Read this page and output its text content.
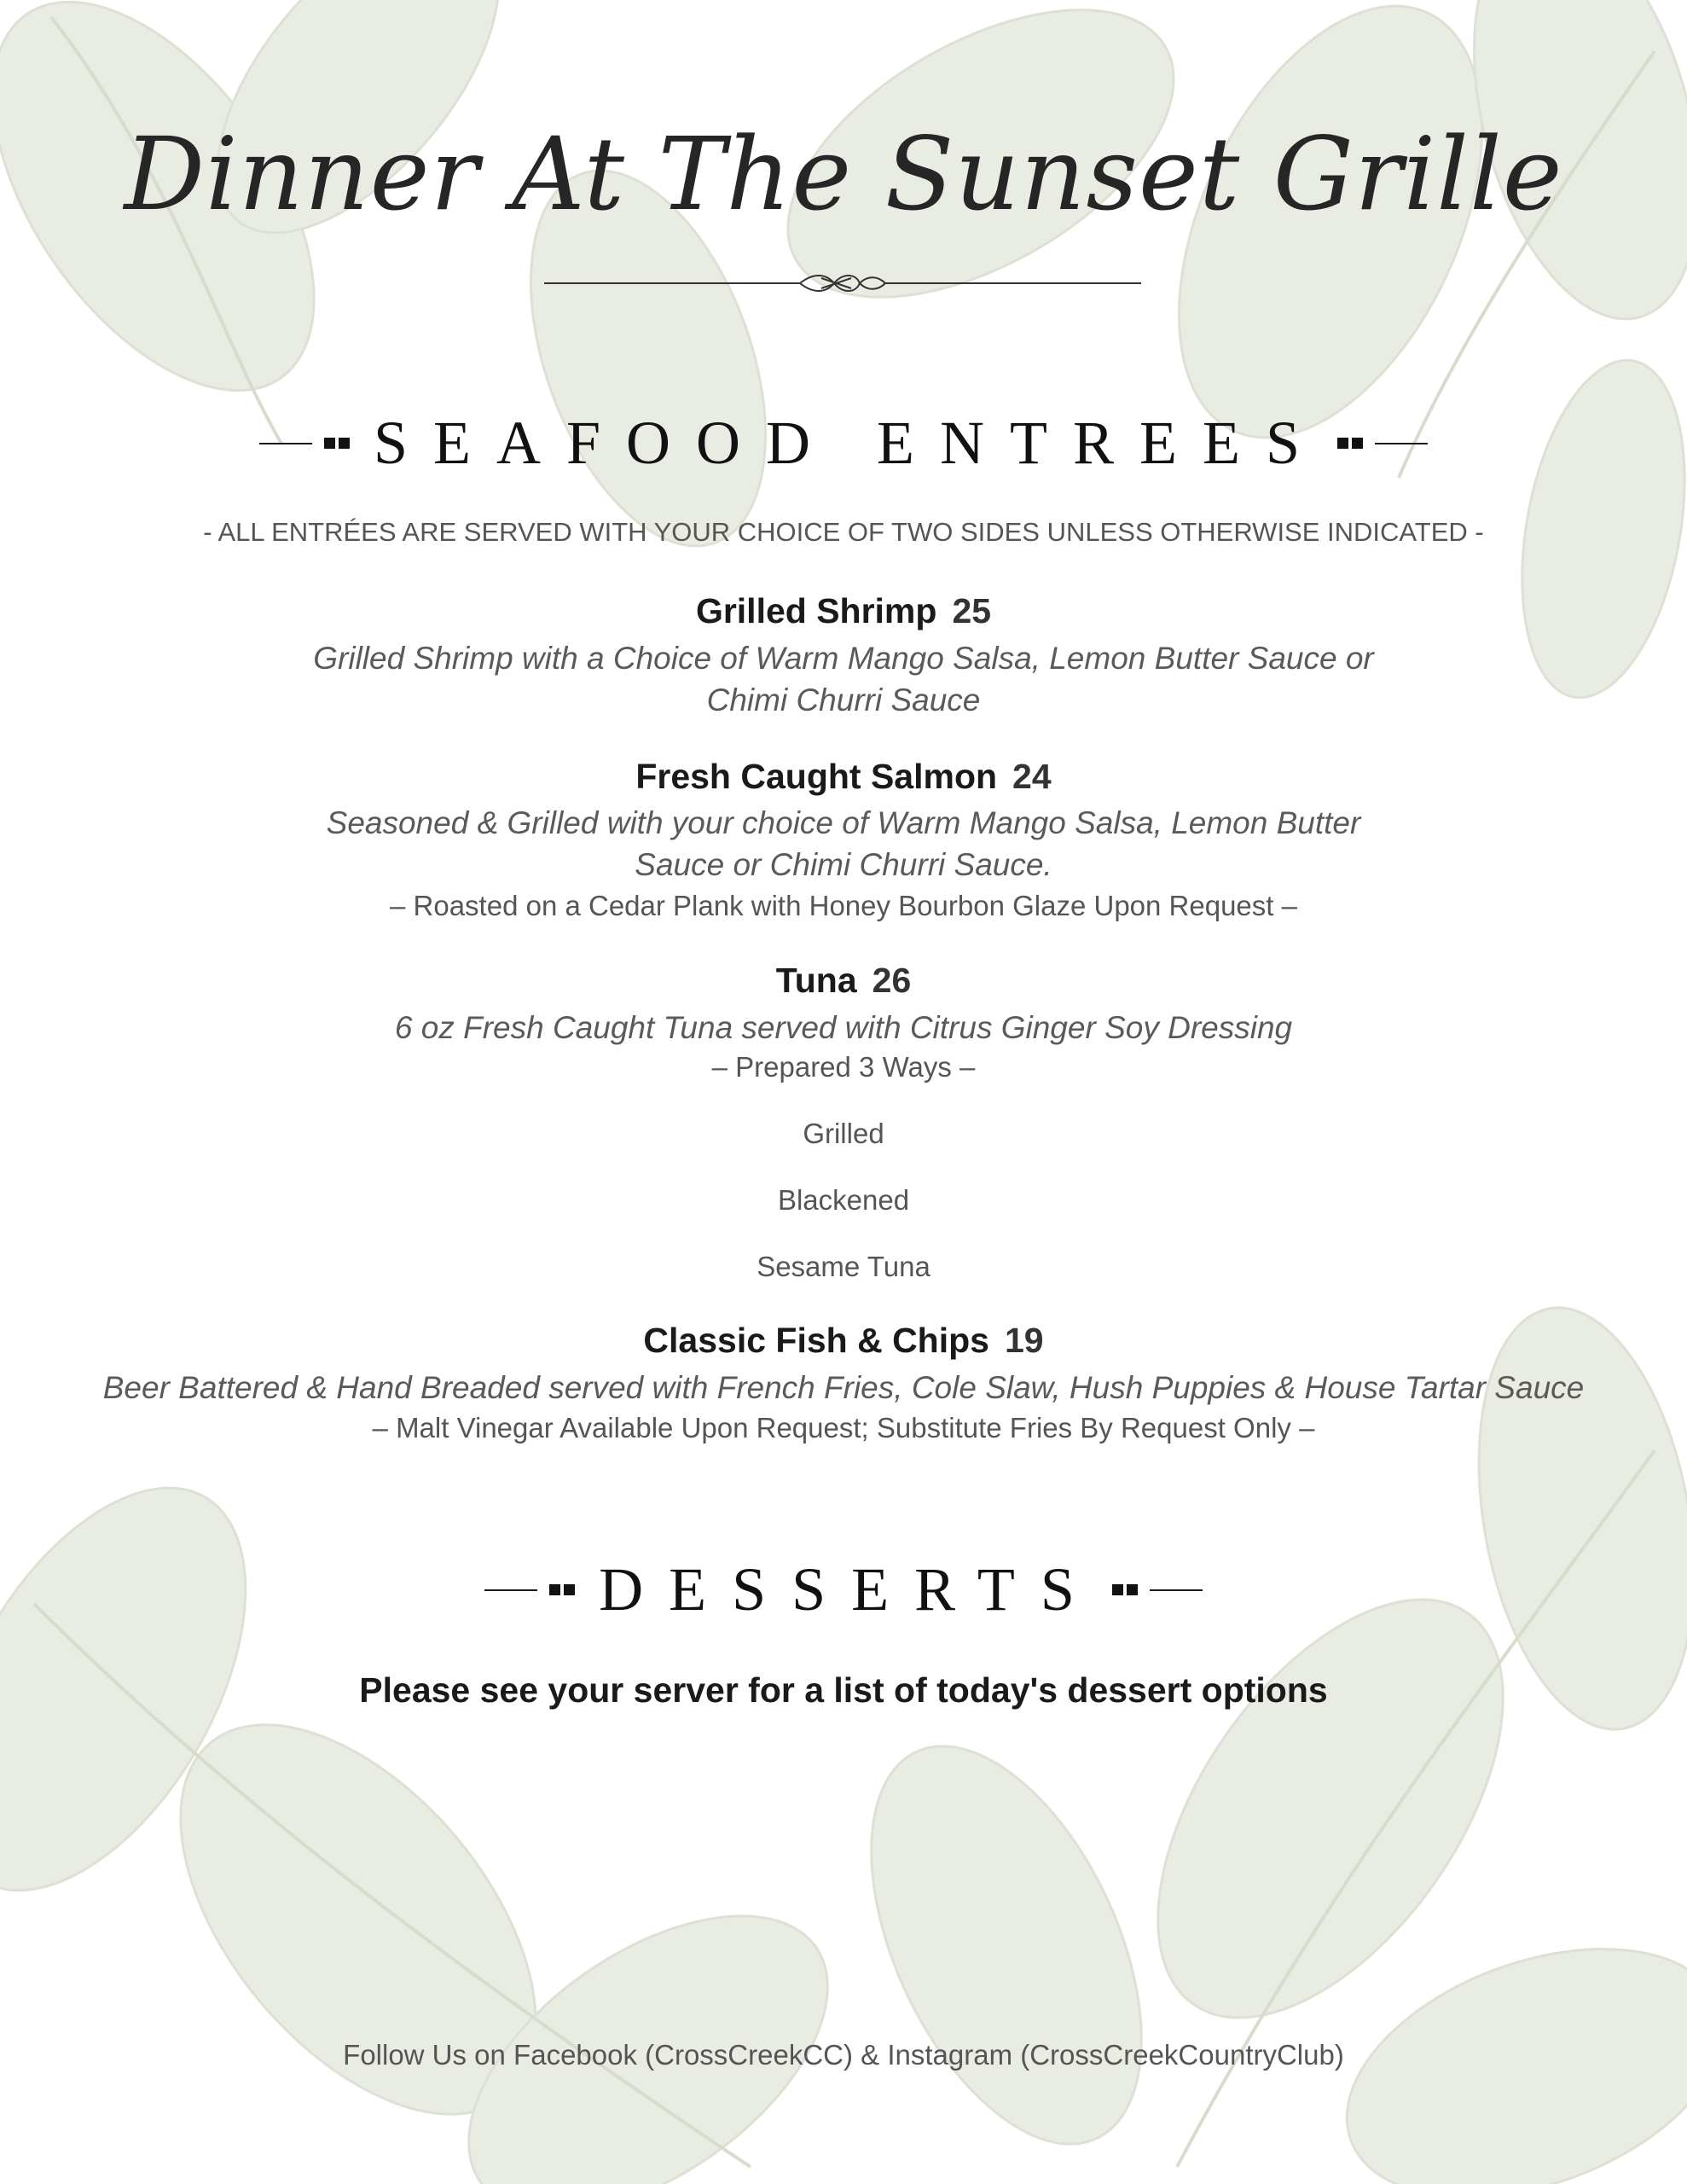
Dinner At The Sunset Grille
SEAFOOD ENTREES
- ALL ENTRÉES ARE SERVED WITH YOUR CHOICE OF TWO SIDES UNLESS OTHERWISE INDICATED -
Grilled Shrimp 25
Grilled Shrimp with a Choice of Warm Mango Salsa, Lemon Butter Sauce or
Chimi Churri Sauce
Fresh Caught Salmon 24
Seasoned & Grilled with your choice of Warm Mango Salsa, Lemon Butter
Sauce or Chimi Churri Sauce.
– Roasted on a Cedar Plank with Honey Bourbon Glaze Upon Request –
Tuna 26
6 oz Fresh Caught Tuna served with Citrus Ginger Soy Dressing
– Prepared 3 Ways –
Grilled
Blackened
Sesame Tuna
Classic Fish & Chips 19
Beer Battered & Hand Breaded served with French Fries, Cole Slaw, Hush Puppies & House Tartar Sauce
– Malt Vinegar Available Upon Request; Substitute Fries By Request Only –
DESSERTS
Please see your server for a list of today's dessert options
Follow Us on Facebook (CrossCreekCC) & Instagram (CrossCreekCountryClub)
